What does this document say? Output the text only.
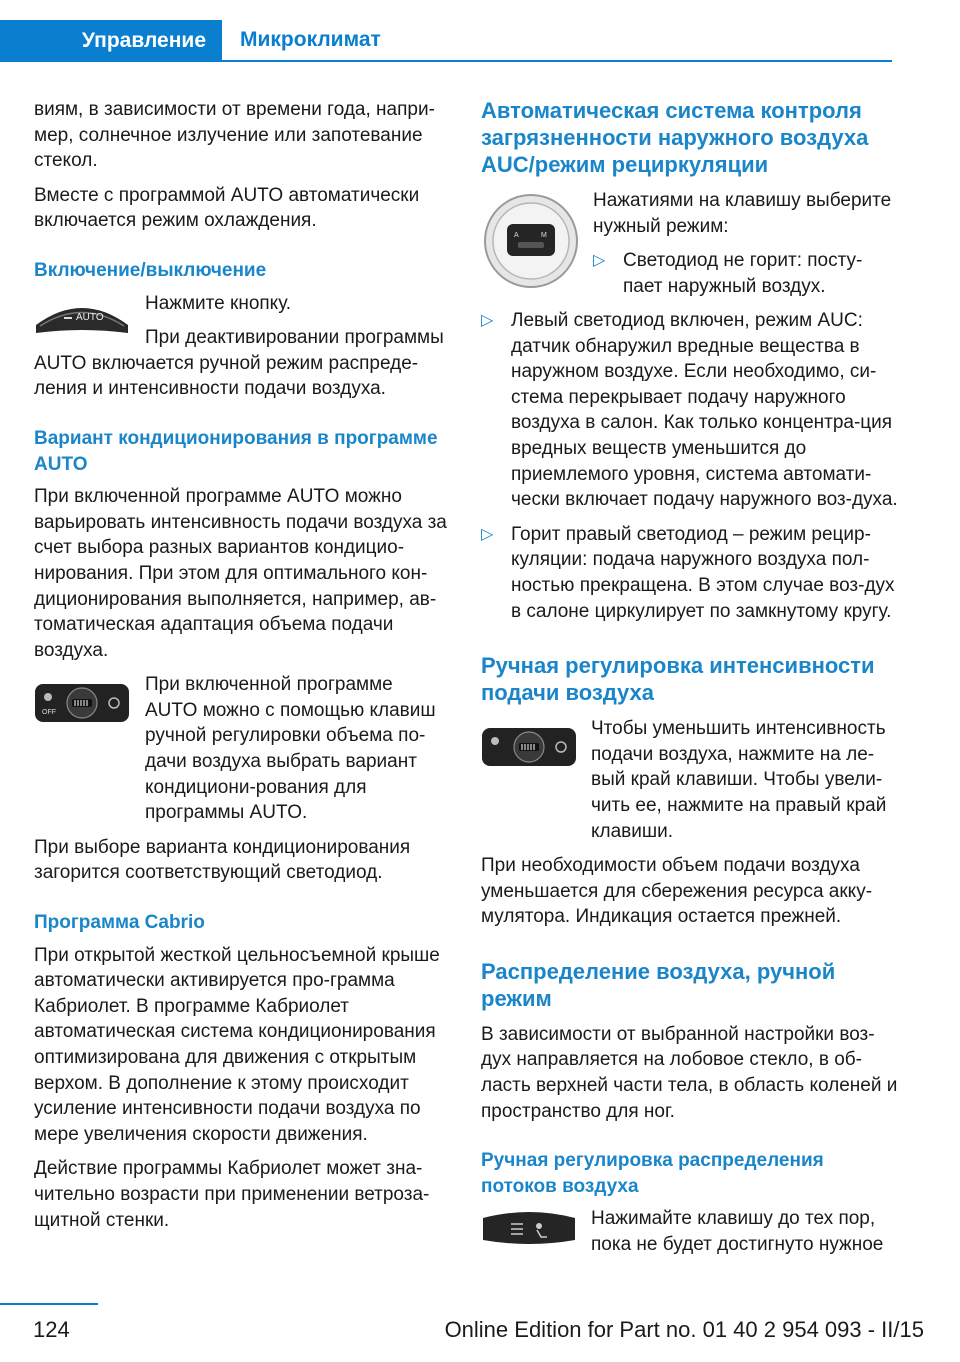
Управление	Микроклимат

виям, в зависимости от времени года, напри-мер, солнечное излучение или запотевание стекол.

Вместе с программой AUTO автоматически включается режим охлаждения.

Включение/выключение
AUTO

Нажмите кнопку.

При деактивировании программы AUTO включается ручной режим распреде-ления и интенсивности подачи воздуха.

Вариант кондиционирования в программе AUTO

При включенной программе AUTO можно варьировать интенсивность подачи воздуха за счет выбора разных вариантов кондицио-нирования. При этом для оптимального кон-диционирования выполняется, например, ав-томатическая адаптация объема подачи воздуха.

OFF

При включенной программе AUTO можно с помощью клавиш ручной регулировки объема по-дачи воздуха выбрать вариант кондициони-рования для программы AUTO.

При выборе варианта кондиционирования загорится соответствующий светодиод.

Программа Cabrio

При открытой жесткой цельносъемной крыше автоматически активируется про-грамма Кабриолет. В программе Кабриолет автоматическая система кондиционирования оптимизирована для движения с открытым верхом. В дополнение к этому происходит усиление интенсивности подачи воздуха по мере увеличения скорости движения.

Действие программы Кабриолет может зна-чительно возрасти при применении ветроза-щитной стенки.

Автоматическая система контроля загрязненности наружного воздуха AUC/режим рециркуляции
A	M

Нажатиями на клавишу выберите нужный режим:

▷ Светодиод не горит: посту-пает наружный воздух.
▷ Левый светодиод включен, режим AUC: датчик обнаружил вредные вещества в наружном воздухе. Если необходимо, си-стема перекрывает подачу наружного воздуха в салон. Как только концентра-ция вредных веществ уменьшится до приемлемого уровня, система автомати-чески включает подачу наружного воз-духа.
▷ Горит правый светодиод – режим рецир-куляции: подача наружного воздуха пол-ностью прекращена. В этом случае воз-дух в салоне циркулирует по замкнутому кругу.
Ручная регулировка интенсивности подачи воздуха

Чтобы уменьшить интенсивность подачи воздуха, нажмите на ле-вый край клавиши. Чтобы увели-чить ее, нажмите на правый край клавиши.

При необходимости объем подачи воздуха уменьшается для сбережения ресурса акку-мулятора. Индикация остается прежней.

Распределение воздуха, ручной режим

В зависимости от выбранной настройки воз-дух направляется на лобовое стекло, в об-ласть верхней части тела, в область коленей и пространство для ног.

Ручная регулировка распределения потоков воздуха

Нажимайте клавишу до тех пор, пока не будет достигнуто нужное

124	Online Edition for Part no. 01 40 2 954 093 - II/15
